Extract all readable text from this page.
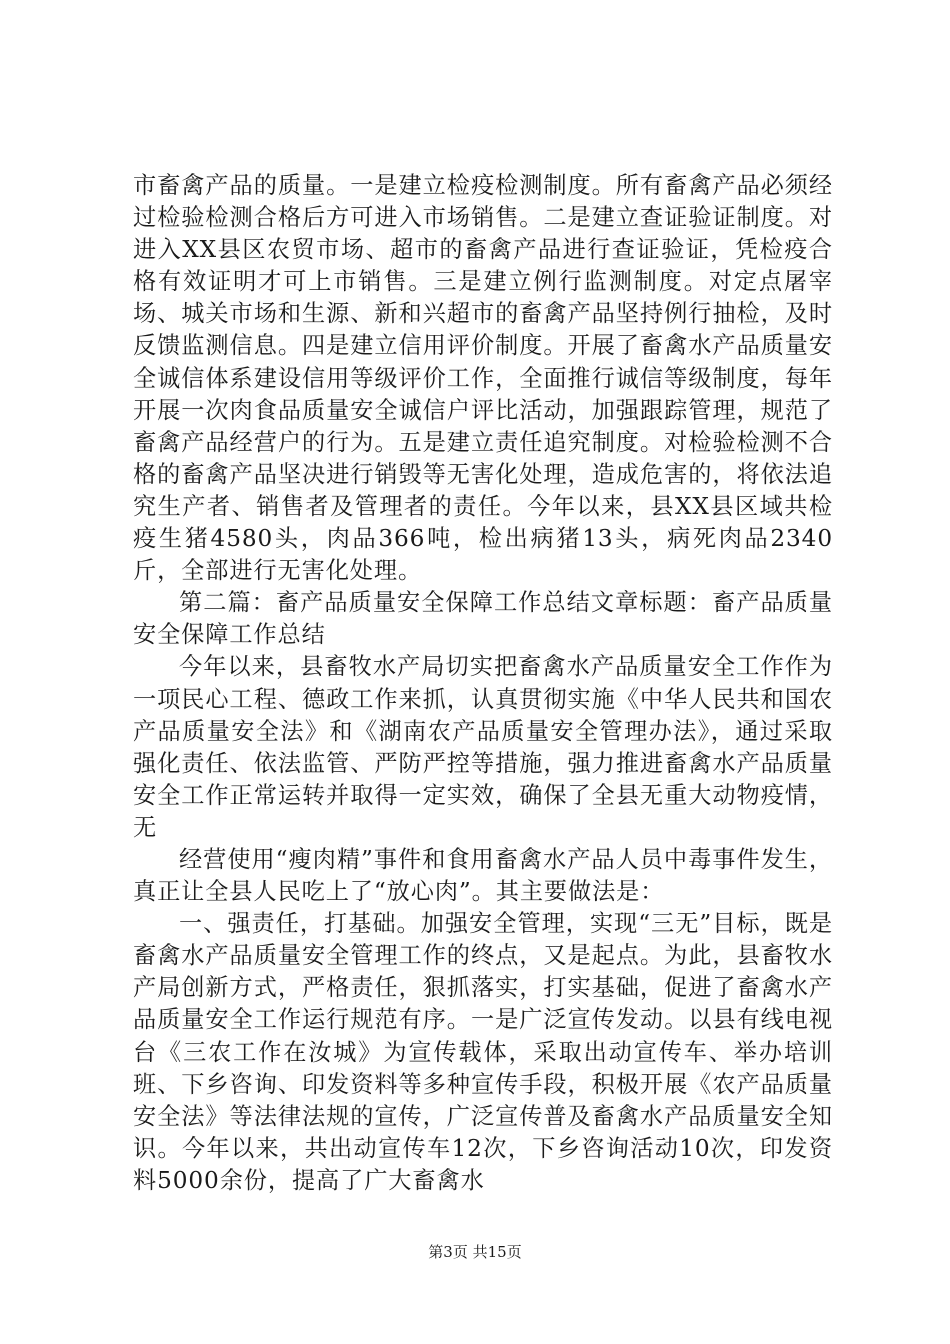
市畜禽产品的质量。一是建立检疫检测制度。所有畜禽产品必须经过检验检测合格后方可进入市场销售。二是建立查证验证制度。对进入XX县区农贸市场、超市的畜禽产品进行查证验证，凭检疫合格有效证明才可上市销售。三是建立例行监测制度。对定点屠宰场、城关市场和生源、新和兴超市的畜禽产品坚持例行抽检，及时反馈监测信息。四是建立信用评价制度。开展了畜禽水产品质量安全诚信体系建设信用等级评价工作，全面推行诚信等级制度，每年开展一次肉食品质量安全诚信户评比活动，加强跟踪管理，规范了畜禽产品经营户的行为。五是建立责任追究制度。对检验检测不合格的畜禽产品坚决进行销毁等无害化处理，造成危害的，将依法追究生产者、销售者及管理者的责任。今年以来，县XX县区域共检疫生猪4580头，肉品366吨，检出病猪13头，病死肉品2340斤，全部进行无害化处理。

第二篇：畜产品质量安全保障工作总结文章标题：畜产品质量安全保障工作总结

今年以来，县畜牧水产局切实把畜禽水产品质量安全工作作为一项民心工程、德政工作来抓，认真贯彻实施《中华人民共和国农产品质量安全法》和《湖南农产品质量安全管理办法》，通过采取强化责任、依法监管、严防严控等措施，强力推进畜禽水产品质量安全工作正常运转并取得一定实效，确保了全县无重大动物疫情，无

经营使用“瘦肉精”事件和食用畜禽水产品人员中毒事件发生，真正让全县人民吃上了“放心肉”。其主要做法是：

一、强责任，打基础。加强安全管理，实现“三无”目标，既是畜禽水产品质量安全管理工作的终点，又是起点。为此，县畜牧水产局创新方式，严格责任，狠抓落实，打实基础，促进了畜禽水产品质量安全工作运行规范有序。一是广泛宣传发动。以县有线电视台《三农工作在汝城》为宣传载体，采取出动宣传车、举办培训班、下乡咨询、印发资料等多种宣传手段，积极开展《农产品质量安全法》等法律法规的宣传，广泛宣传普及畜禽水产品质量安全知识。今年以来，共出动宣传车12次，下乡咨询活动10次，印发资料5000余份，提高了广大畜禽水

第3页 共15页
